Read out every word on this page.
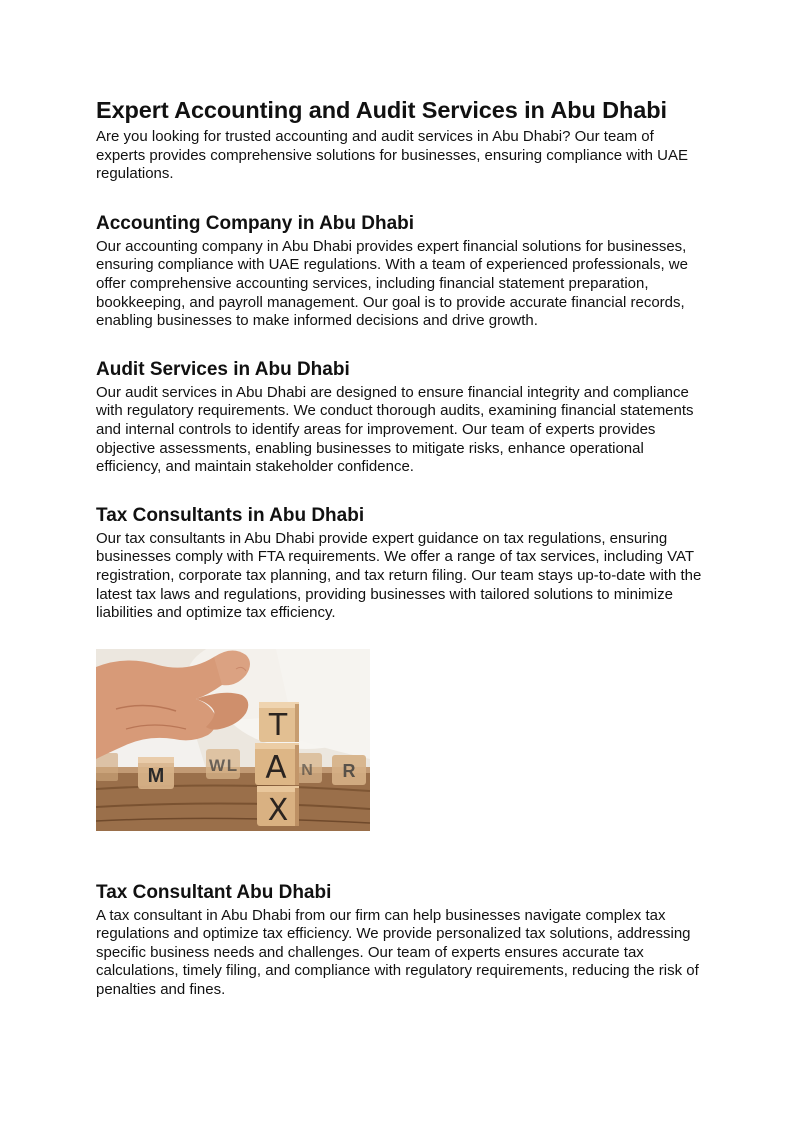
Expert Accounting and Audit Services in Abu Dhabi

Are you looking for trusted accounting and audit services in Abu Dhabi? Our team of experts provides comprehensive solutions for businesses, ensuring compliance with UAE regulations.

Accounting Company in Abu Dhabi

Our accounting company in Abu Dhabi provides expert financial solutions for businesses, ensuring compliance with UAE regulations. With a team of experienced professionals, we offer comprehensive accounting services, including financial statement preparation, bookkeeping, and payroll management. Our goal is to provide accurate financial records, enabling businesses to make informed decisions and drive growth.

Audit Services in Abu Dhabi

Our audit services in Abu Dhabi are designed to ensure financial integrity and compliance with regulatory requirements. We conduct thorough audits, examining financial statements and internal controls to identify areas for improvement. Our team of experts provides objective assessments, enabling businesses to mitigate risks, enhance operational efficiency, and maintain stakeholder confidence.

Tax Consultants in Abu Dhabi

Our tax consultants in Abu Dhabi provide expert guidance on tax regulations, ensuring businesses comply with FTA requirements. We offer a range of tax services, including VAT registration, corporate tax planning, and tax return filing. Our team stays up-to-date with the latest tax laws and regulations, providing businesses with tailored solutions to minimize liabilities and optimize tax efficiency.

M	W L	N R
T
A
X
Tax Consultant Abu Dhabi

A tax consultant in Abu Dhabi from our firm can help businesses navigate complex tax regulations and optimize tax efficiency. We provide personalized tax solutions, addressing specific business needs and challenges. Our team of experts ensures accurate tax calculations, timely filing, and compliance with regulatory requirements, reducing the risk of penalties and fines.
